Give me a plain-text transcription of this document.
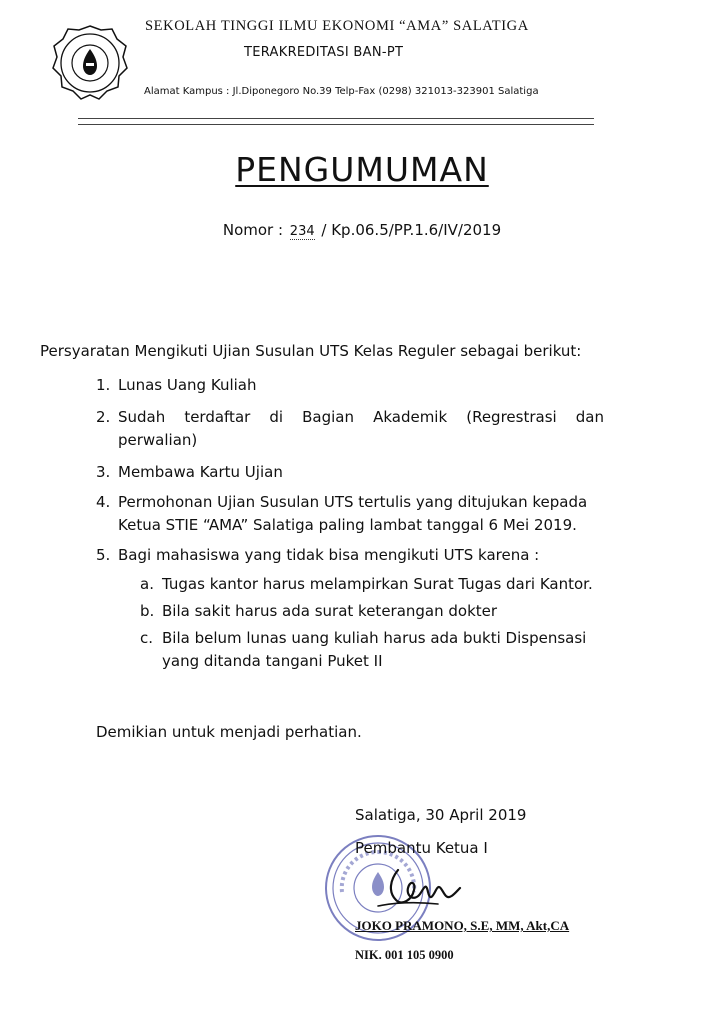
SEKOLAH TINGGI ILMU EKONOMI “AMA” SALATIGA
TERAKREDITASI BAN-PT
Alamat Kampus : Jl.Diponegoro No.39 Telp-Fax (0298) 321013-323901 Salatiga
PENGUMUMAN
Nomor : 234 / Kp.06.5/PP.1.6/IV/2019
Persyaratan Mengikuti Ujian Susulan UTS Kelas Reguler sebagai berikut:
1. Lunas Uang Kuliah
2. Sudah terdaftar di Bagian Akademik (Regrestrasi dan
perwalian)
3. Membawa Kartu Ujian
4. Permohonan Ujian Susulan UTS tertulis yang ditujukan kepada
Ketua STIE “AMA” Salatiga paling lambat tanggal 6 Mei 2019.
5. Bagi mahasiswa yang tidak bisa mengikuti UTS karena :
a. Tugas kantor harus melampirkan Surat Tugas dari Kantor.
b. Bila sakit harus ada surat keterangan dokter
c. Bila belum lunas uang kuliah harus ada bukti Dispensasi
yang ditanda tangani Puket II
Demikian untuk menjadi perhatian.
Salatiga, 30 April 2019
Pembantu Ketua I
JOKO PRAMONO, S.E, MM, Akt,CA
NIK. 001 105 0900
